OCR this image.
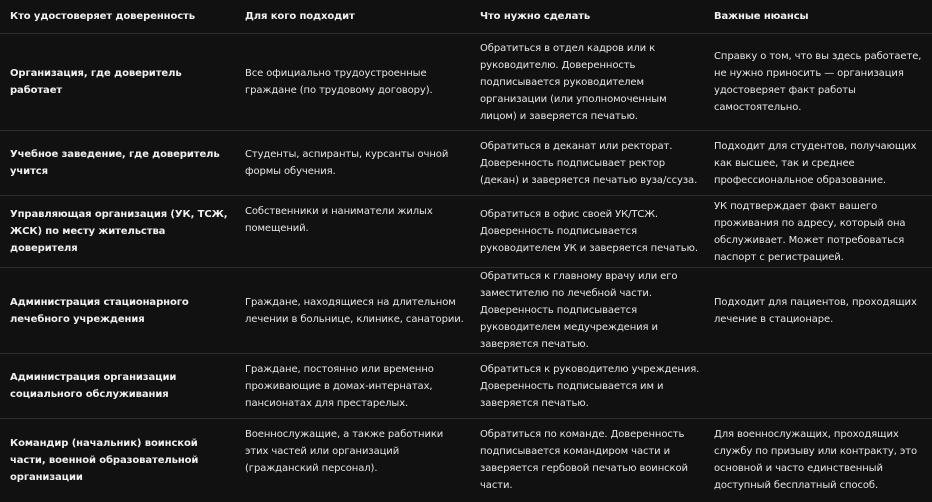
Кто удостоверяет доверенность	Для кого подходит	Что нужно сделать	Важные нюансы
Организация, где доверитель работает	Все официально трудоустроенные граждане (по трудовому договору).	Обратиться в отдел кадров или к руководителю. Доверенность подписывается руководителем организации (или уполномоченным лицом) и заверяется печатью.	Справку о том, что вы здесь работаете, не нужно приносить — организация удостоверяет факт работы самостоятельно.
Учебное заведение, где доверитель учится	Студенты, аспиранты, курсанты очной формы обучения.	Обратиться в деканат или ректорат. Доверенность подписывает ректор (декан) и заверяется печатью вуза/ссуза.	Подходит для студентов, получающих как высшее, так и среднее профессиональное образование.
Управляющая организация (УК, ТСЖ, ЖСК) по месту жительства доверителя	Собственники и наниматели жилых помещений.	Обратиться в офис своей УК/ТСЖ. Доверенность подписывается руководителем УК и заверяется печатью.	УК подтверждает факт вашего проживания по адресу, который она обслуживает. Может потребоваться паспорт с регистрацией.
Администрация стационарного лечебного учреждения	Граждане, находящиеся на длительном лечении в больнице, клинике, санатории.	Обратиться к главному врачу или его заместителю по лечебной части. Доверенность подписывается руководителем медучреждения и заверяется печатью.	Подходит для пациентов, проходящих лечение в стационаре.
Администрация организации социального обслуживания	Граждане, постоянно или временно проживающие в домах-интернатах, пансионатах для престарелых.	Обратиться к руководителю учреждения. Доверенность подписывается им и заверяется печатью.	
Командир (начальник) воинской части, военной образовательной организации	Военнослужащие, а также работники этих частей или организаций (гражданский персонал).	Обратиться по команде. Доверенность подписывается командиром части и заверяется гербовой печатью воинской части.	Для военнослужащих, проходящих службу по призыву или контракту, это основной и часто единственный доступный бесплатный способ.
